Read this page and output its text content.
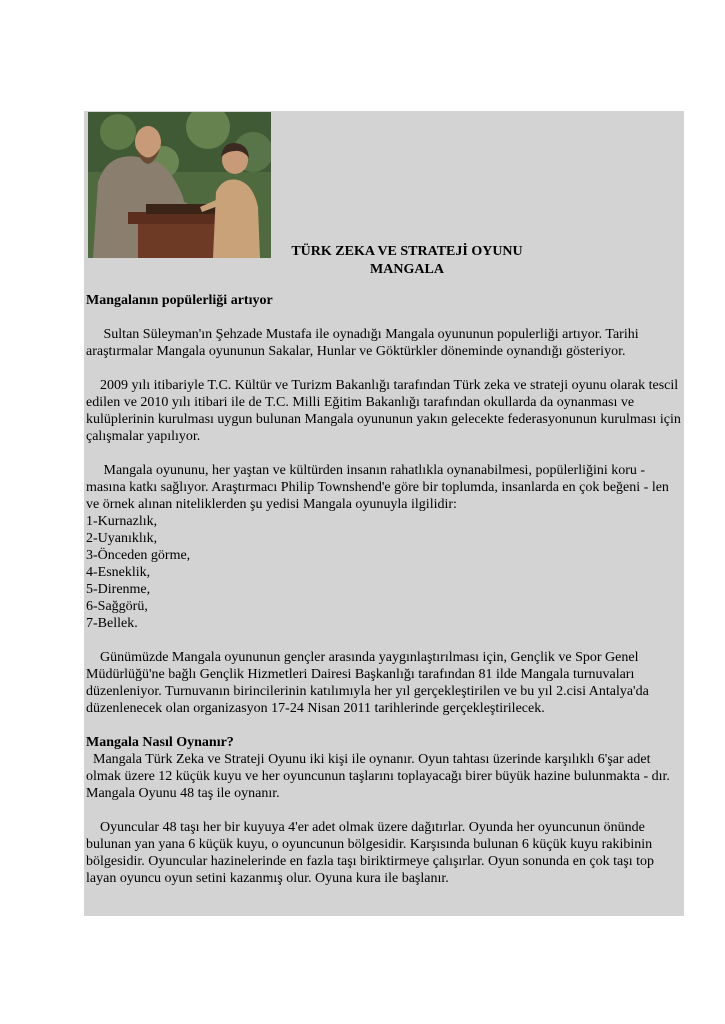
TÜRK ZEKA VE STRATEJİ OYUNU
MANGALA

Mangalanın popülerliği artıyor

Sultan Süleyman'ın Şehzade Mustafa ile oynadığı Mangala oyununun populerliği artıyor. Tarihi araştırmalar Mangala oyununun Sakalar, Hunlar ve Göktürkler döneminde oynandığı gösteriyor.

2009 yılı itibariyle T.C. Kültür ve Turizm Bakanlığı tarafından Türk zeka ve strateji oyunu olarak tescil edilen ve 2010 yılı itibari ile de T.C. Milli Eğitim Bakanlığı tarafından okullarda da oynanması ve kulüplerinin kurulması uygun bulunan Mangala oyununun yakın gelecekte federasyonunun kurulması için çalışmalar yapılıyor.

Mangala oyununu, her yaştan ve kültürden insanın rahatlıkla oynanabilmesi, popülerliğini koru - masına katkı sağlıyor. Araştırmacı Philip Townshend'e göre bir toplumda, insanlarda en çok beğeni - len ve örnek alınan niteliklerden şu yedisi Mangala oyunuyla ilgilidir:

1-Kurnazlık,
2-Uyanıklık,
3-Önceden görme,
4-Esneklik,
5-Direnme,
6-Sağgörü,
7-Bellek.

Günümüzde Mangala oyununun gençler arasında yaygınlaştırılması için, Gençlik ve Spor Genel Müdürlüğü'ne bağlı Gençlik Hizmetleri Dairesi Başkanlığı tarafından 81 ilde Mangala turnuvaları düzenleniyor. Turnuvanın birincilerinin katılımıyla her yıl gerçekleştirilen ve bu yıl 2.cisi Antalya'da düzenlenecek olan organizasyon 17-24 Nisan 2011 tarihlerinde gerçekleştirilecek.

Mangala Nasıl Oynanır?

Mangala Türk Zeka ve Strateji Oyunu iki kişi ile oynanır. Oyun tahtası üzerinde karşılıklı 6'şar adet olmak üzere 12 küçük kuyu ve her oyuncunun taşlarını toplayacağı birer büyük hazine bulunmakta - dır. Mangala Oyunu 48 taş ile oynanır.

Oyuncular 48 taşı her bir kuyuya 4'er adet olmak üzere dağıtırlar. Oyunda her oyuncunun önünde bulunan yan yana 6 küçük kuyu, o oyuncunun bölgesidir. Karşısında bulunan 6 küçük kuyu rakibinin bölgesidir. Oyuncular hazinelerinde en fazla taşı biriktirmeye çalışırlar. Oyun sonunda en çok taşı top layan oyuncu oyun setini kazanmış olur. Oyuna kura ile başlanır.
